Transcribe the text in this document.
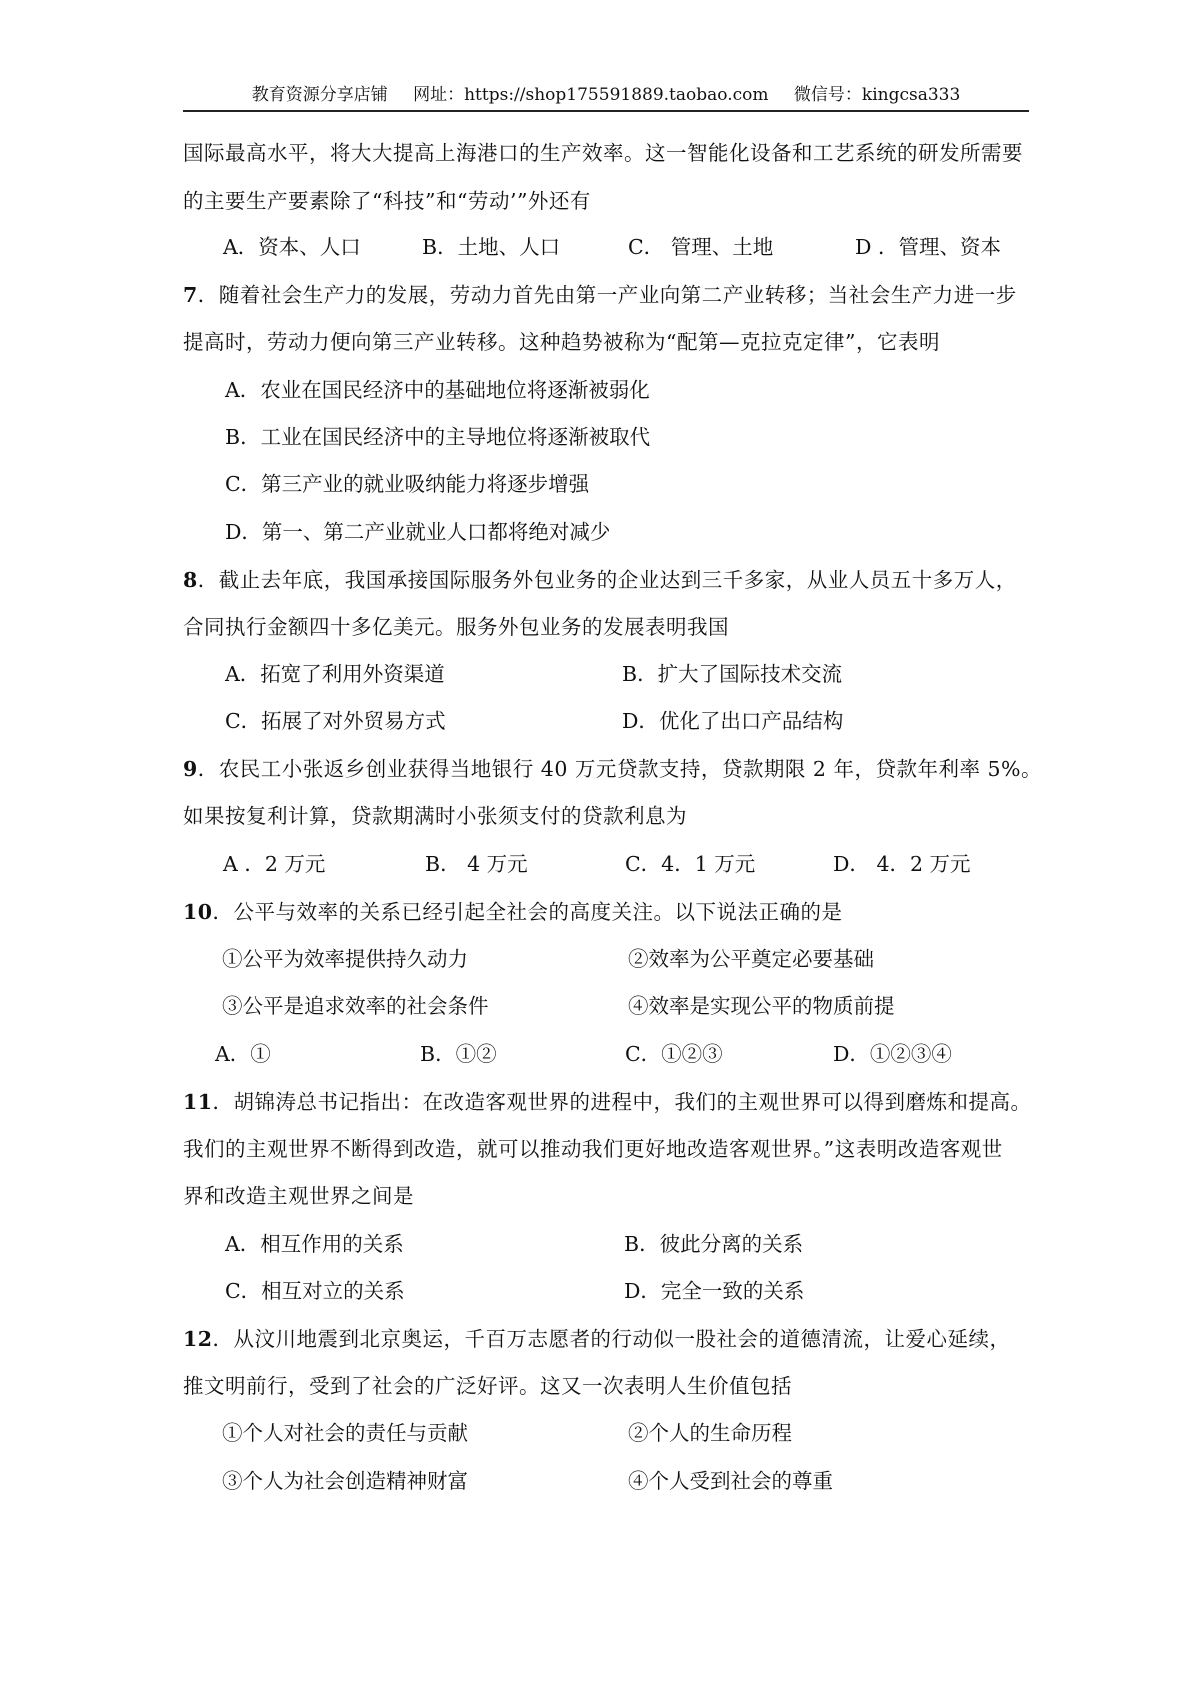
教育资源分享店铺 网址：https://shop175591889.taobao.com 微信号：kingcsa333
国际最高水平，将大大提高上海港口的生产效率。这一智能化设备和工艺系统的研发所需要
的主要生产要素除了“科技”和“劳动’”外还有
A．资本、人口	B．土地、人口	C． 管理、土地	D ．管理、资本
7．随着社会生产力的发展，劳动力首先由第一产业向第二产业转移；当社会生产力进一步
提高时，劳动力便向第三产业转移。这种趋势被称为“配第—克拉克定律”，它表明
A．农业在国民经济中的基础地位将逐渐被弱化
B．工业在国民经济中的主导地位将逐渐被取代
C．第三产业的就业吸纳能力将逐步增强
D．第一、第二产业就业人口都将绝对减少
8．截止去年底，我国承接国际服务外包业务的企业达到三千多家，从业人员五十多万人，
合同执行金额四十多亿美元。服务外包业务的发展表明我国
A．拓宽了利用外资渠道	B．扩大了国际技术交流
C．拓展了对外贸易方式	D．优化了出口产品结构
9．农民工小张返乡创业获得当地银行 40 万元贷款支持，贷款期限 2 年，贷款年利率 5%。
如果按复利计算，贷款期满时小张须支付的贷款利息为
A ．2 万元	B． 4 万元	C．4．1 万元	D． 4．2 万元
10．公平与效率的关系已经引起全社会的高度关注。以下说法正确的是
①公平为效率提供持久动力	②效率为公平奠定必要基础
③公平是追求效率的社会条件	④效率是实现公平的物质前提
A．①	B．①②	C．①②③	D．①②③④
11．胡锦涛总书记指出：在改造客观世界的进程中，我们的主观世界可以得到磨炼和提高。
我们的主观世界不断得到改造，就可以推动我们更好地改造客观世界。”这表明改造客观世
界和改造主观世界之间是
A．相互作用的关系	B．彼此分离的关系
C．相互对立的关系	D．完全一致的关系
12．从汶川地震到北京奥运，千百万志愿者的行动似一股社会的道德清流，让爱心延续，
推文明前行，受到了社会的广泛好评。这又一次表明人生价值包括
①个人对社会的责任与贡献	②个人的生命历程
③个人为社会创造精神财富	④个人受到社会的尊重
